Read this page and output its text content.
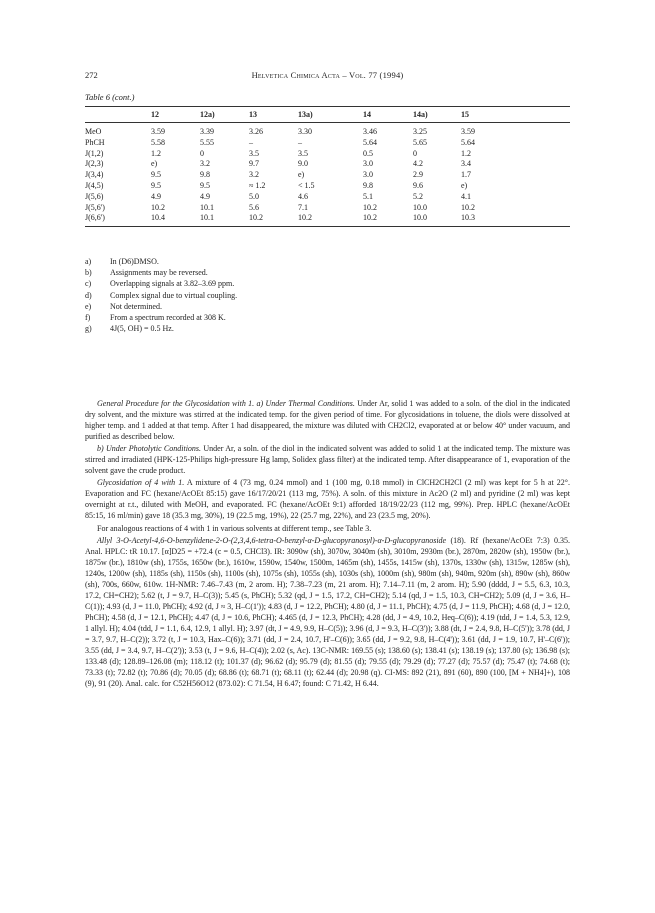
272	Helvetica Chimica Acta – Vol. 77 (1994)
Table 6 (cont.)
	12	12a)	13	13a)	14	14a)	15
MeO	3.59	3.39	3.26	3.30	3.46	3.25	3.59
PhCH	5.58	5.55	–	–	5.64	5.65	5.64
J(1,2)	1.2	0	3.5	3.5	0.5	0	1.2
J(2,3)	e)	3.2	9.7	9.0	3.0	4.2	3.4
J(3,4)	9.5	9.8	3.2	e)	3.0	2.9	1.7
J(4,5)	9.5	9.5	≈ 1.2	< 1.5	9.8	9.6	e)
J(5,6)	4.9	4.9	5.0	4.6	5.1	5.2	4.1
J(5,6')	10.2	10.1	5.6	7.1	10.2	10.0	10.2
J(6,6')	10.4	10.1	10.2	10.2	10.2	10.0	10.3
a)	In (D6)DMSO.
b)	Assignments may be reversed.
c)	Overlapping signals at 3.82–3.69 ppm.
d)	Complex signal due to virtual coupling.
e)	Not determined.
f)	From a spectrum recorded at 308 K.
g)	4J(5, OH) = 0.5 Hz.

General Procedure for the Glycosidation with 1. a) Under Thermal Conditions. Under Ar, solid 1 was added to a soln. of the diol in the indicated dry solvent, and the mixture was stirred at the indicated temp. for the given period of time. For glycosidations in toluene, the diols were dissolved at higher temp. and 1 added at that temp. After 1 had disappeared, the mixture was diluted with CH2Cl2, evaporated at or below 40° under vacuum, and purified as described below.

b) Under Photolytic Conditions. Under Ar, a soln. of the diol in the indicated solvent was added to solid 1 at the indicated temp. The mixture was stirred and irradiated (HPK-125-Philips high-pressure Hg lamp, Solidex glass filter) at the indicated temp. After disappearance of 1, evaporation of the solvent gave the crude product.

Glycosidation of 4 with 1. A mixture of 4 (73 mg, 0.24 mmol) and 1 (100 mg, 0.18 mmol) in ClCH2CH2Cl (2 ml) was kept for 5 h at 22°. Evaporation and FC (hexane/AcOEt 85:15) gave 16/17/20/21 (113 mg, 75%). A soln. of this mixture in Ac2O (2 ml) and pyridine (2 ml) was kept overnight at r.t., diluted with MeOH, and evaporated. FC (hexane/AcOEt 9:1) afforded 18/19/22/23 (112 mg, 99%). Prep. HPLC (hexane/AcOEt 85:15, 16 ml/min) gave 18 (35.3 mg, 30%), 19 (22.5 mg, 19%), 22 (25.7 mg, 22%), and 23 (23.5 mg, 20%).

For analogous reactions of 4 with 1 in various solvents at different temp., see Table 3.

Allyl 3-O-Acetyl-4,6-O-benzylidene-2-O-(2,3,4,6-tetra-O-benzyl-α-D-glucopyranosyl)-α-D-glucopyranoside (18). Rf (hexane/AcOEt 7:3) 0.35. Anal. HPLC: tR 10.17. [α]D25 = +72.4 (c = 0.5, CHCl3). IR: 3090w (sh), 3070w, 3040m (sh), 3010m, 2930m (br.), 2870m, 2820w (sh), 1950w (br.), 1875w (br.), 1810w (sh), 1755s, 1650w (br.), 1610w, 1590w, 1540w, 1500m, 1465m (sh), 1455s, 1415w (sh), 1370s, 1330w (sh), 1315w, 1285w (sh), 1240s, 1200w (sh), 1185s (sh), 1150s (sh), 1100s (sh), 1075s (sh), 1055s (sh), 1030s (sh), 1000m (sh), 980m (sh), 940m, 920m (sh), 890w (sh), 860w (sh), 700s, 660w, 610w. 1H-NMR: 7.46–7.43 (m, 2 arom. H); 7.38–7.23 (m, 21 arom. H); 7.14–7.11 (m, 2 arom. H); 5.90 (dddd, J = 5.5, 6.3, 10.3, 17.2, CH=CH2); 5.62 (t, J = 9.7, H–C(3)); 5.45 (s, PhCH); 5.32 (qd, J = 1.5, 17.2, CH=CH2); 5.14 (qd, J = 1.5, 10.3, CH=CH2); 5.09 (d, J = 3.6, H–C(1)); 4.93 (d, J = 11.0, PhCH); 4.92 (d, J ≈ 3, H–C(1')); 4.83 (d, J = 12.2, PhCH); 4.80 (d, J = 11.1, PhCH); 4.75 (d, J = 11.9, PhCH); 4.68 (d, J = 12.0, PhCH); 4.58 (d, J = 12.1, PhCH); 4.47 (d, J = 10.6, PhCH); 4.465 (d, J = 12.3, PhCH); 4.28 (dd, J = 4.9, 10.2, Heq–C(6)); 4.19 (tdd, J = 1.4, 5.3, 12.9, 1 allyl. H); 4.04 (tdd, J = 1.1, 6.4, 12.9, 1 allyl. H); 3.97 (dt, J = 4.9, 9.9, H–C(5)); 3.96 (d, J = 9.3, H–C(3')); 3.88 (dt, J = 2.4, 9.8, H–C(5')); 3.78 (dd, J = 3.7, 9.7, H–C(2)); 3.72 (t, J = 10.3, Hax–C(6)); 3.71 (dd, J = 2.4, 10.7, H'–C(6)); 3.65 (dd, J = 9.2, 9.8, H–C(4')); 3.61 (dd, J = 1.9, 10.7, H'–C(6')); 3.55 (dd, J = 3.4, 9.7, H–C(2')); 3.53 (t, J = 9.6, H–C(4)); 2.02 (s, Ac). 13C-NMR: 169.55 (s); 138.60 (s); 138.41 (s); 138.19 (s); 137.80 (s); 136.98 (s); 133.48 (d); 128.89–126.08 (m); 118.12 (t); 101.37 (d); 96.62 (d); 95.79 (d); 81.55 (d); 79.55 (d); 79.29 (d); 77.27 (d); 75.57 (d); 75.47 (t); 74.68 (t); 73.33 (t); 72.82 (t); 70.86 (d); 70.05 (d); 68.86 (t); 68.71 (t); 68.11 (t); 62.44 (d); 20.98 (q). CI-MS: 892 (21), 891 (60), 890 (100, [M + NH4]+), 108 (9), 91 (20). Anal. calc. for C52H56O12 (873.02): C 71.54, H 6.47; found: C 71.42, H 6.44.
